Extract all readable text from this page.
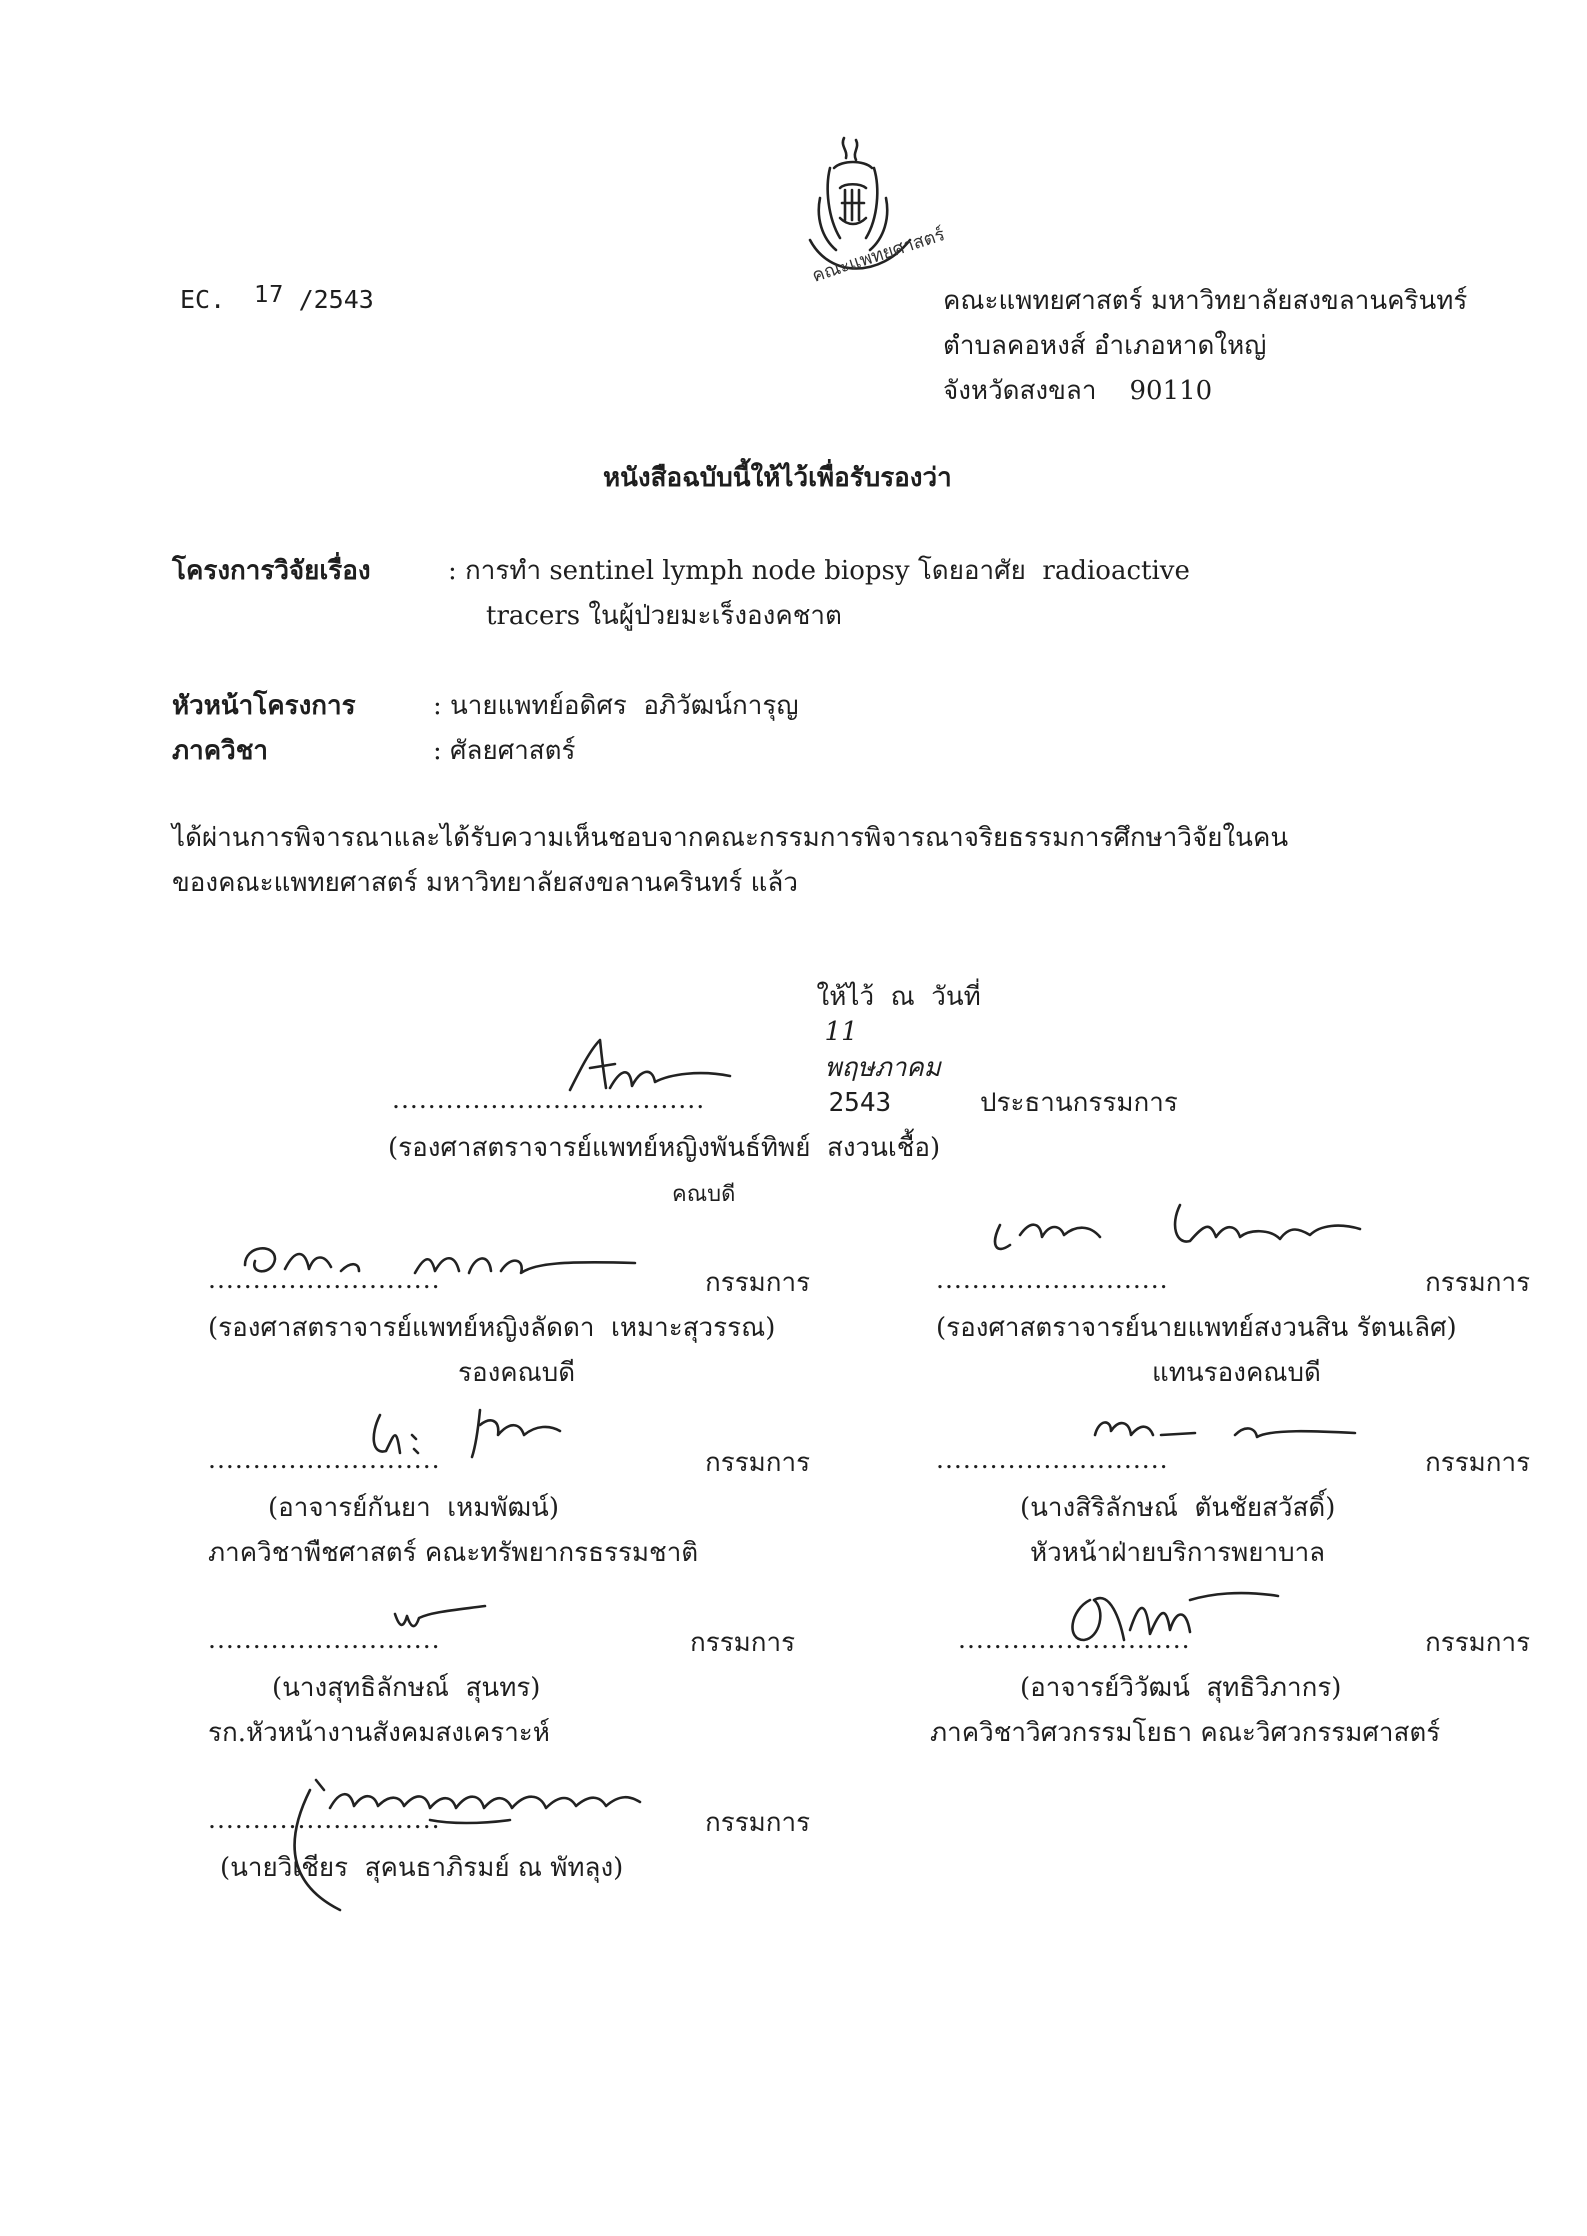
คณะแพทยศาสตร์
EC. 17 /2543	คณะแพทยศาสตร์ มหาวิทยาลัยสงขลานครินทร์
ตำบลคอหงส์ อำเภอหาดใหญ่
จังหวัดสงขลา    90110
หนังสือฉบับนี้ให้ไว้เพื่อรับรองว่า
โครงการวิจัยเรื่อง	: การทำ sentinel lymph node biopsy โดยอาศัย  radioactive
tracers ในผู้ป่วยมะเร็งองคชาต
หัวหน้าโครงการ	: นายแพทย์อดิศร  อภิวัฒน์การุญ
ภาควิชา	: ศัลยศาสตร์
ได้ผ่านการพิจารณาและได้รับความเห็นชอบจากคณะกรรมการพิจารณาจริยธรรมการศึกษาวิจัยในคน
ของคณะแพทยศาสตร์ มหาวิทยาลัยสงขลานครินทร์ แล้ว

ให้ไว้  ณ  วันที่
11
พฤษภาคม
2543

...................................	ประธานกรรมการ
(รองศาสตราจารย์แพทย์หญิงพันธ์ทิพย์  สงวนเชื้อ)
คณบดี
..........................	กรรมการ
(รองศาสตราจารย์แพทย์หญิงลัดดา  เหมาะสุวรรณ)
รองคณบดี
..........................	กรรมการ
(รองศาสตราจารย์นายแพทย์สงวนสิน รัตนเลิศ)
แทนรองคณบดี
..........................	กรรมการ
(อาจารย์กันยา  เหมพัฒน์)
ภาควิชาพืชศาสตร์ คณะทรัพยากรธรรมชาติ
..........................	กรรมการ
(นางสิริลักษณ์  ตันชัยสวัสดิ์)
หัวหน้าฝ่ายบริการพยาบาล
..........................	กรรมการ
(นางสุทธิลักษณ์  สุนทร)
รก.หัวหน้างานสังคมสงเคราะห์
..........................	กรรมการ
(อาจารย์วิวัฒน์  สุทธิวิภากร)
ภาควิชาวิศวกรรมโยธา คณะวิศวกรรมศาสตร์
..........................	กรรมการ
(นายวิเชียร  สุคนธาภิรมย์ ณ พัทลุง)
